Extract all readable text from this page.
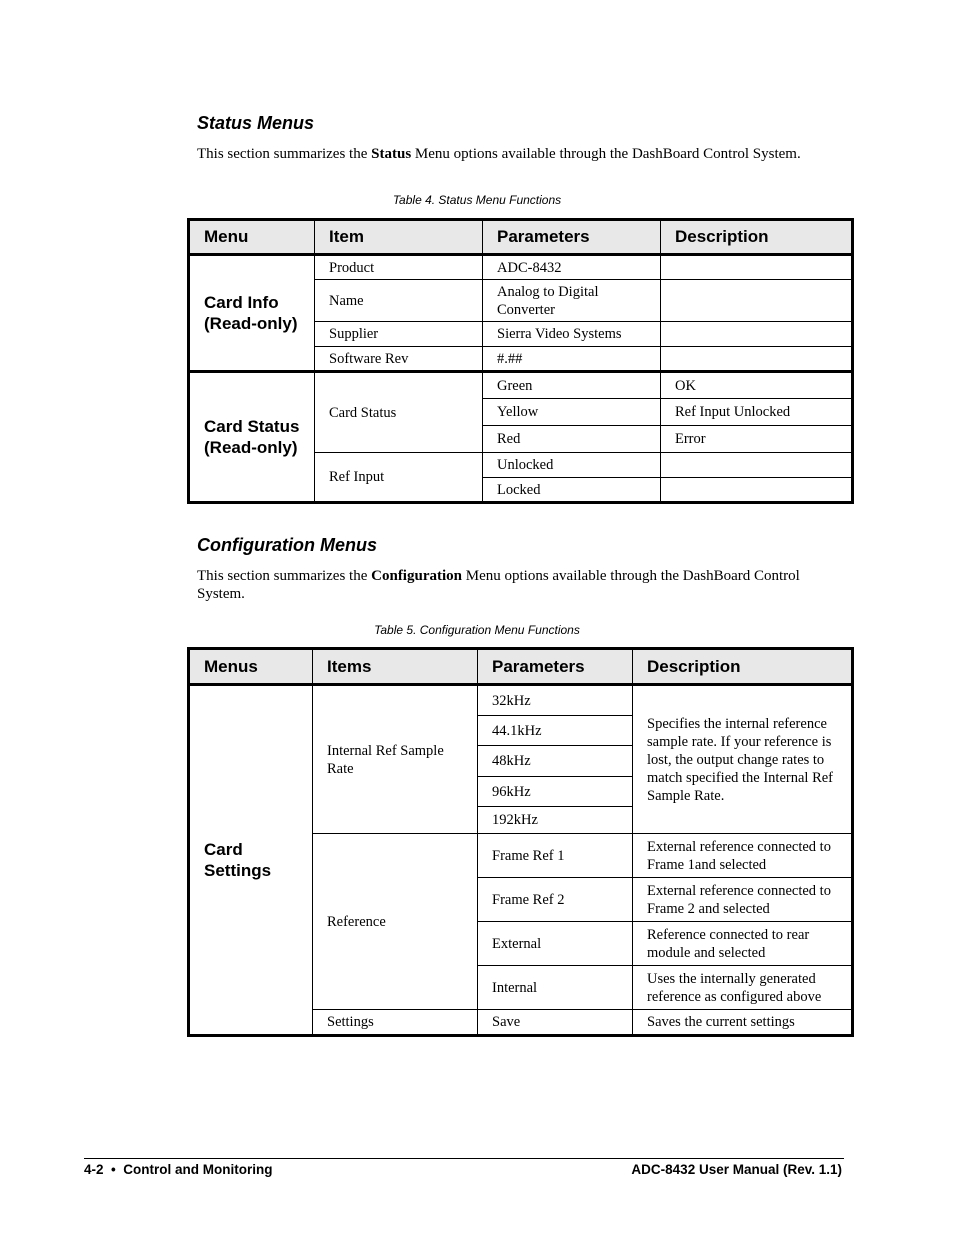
Status Menus

This section summarizes the Status Menu options available through the DashBoard Control System.

Table 4. Status Menu Functions

Menu	Item	Parameters	Description
Card Info (Read-only)	Product	ADC-8432	
	Name	Analog to Digital Converter	
	Supplier	Sierra Video Systems	
	Software Rev	#.##	
Card Status (Read-only)	Card Status	Green	OK
		Yellow	Ref Input Unlocked
		Red	Error
	Ref Input	Unlocked	
		Locked	
Configuration Menus

This section summarizes the Configuration Menu options available through the DashBoard Control System.

Table 5. Configuration Menu Functions

Menus	Items	Parameters	Description
Card Settings	Internal Ref Sample Rate	32kHz	Specifies the internal reference sample rate. If your reference is lost, the output change rates to match specified the Internal Ref Sample Rate.
		44.1kHz	
		48kHz	
		96kHz	
		192kHz	
	Reference	Frame Ref 1	External reference connected to Frame 1and selected
		Frame Ref 2	External reference connected to Frame 2 and selected
		External	Reference connected to rear module and selected
		Internal	Uses the internally generated reference as configured above
	Settings	Save	Saves the current settings
4-2 • Control and Monitoring	ADC-8432 User Manual (Rev. 1.1)
